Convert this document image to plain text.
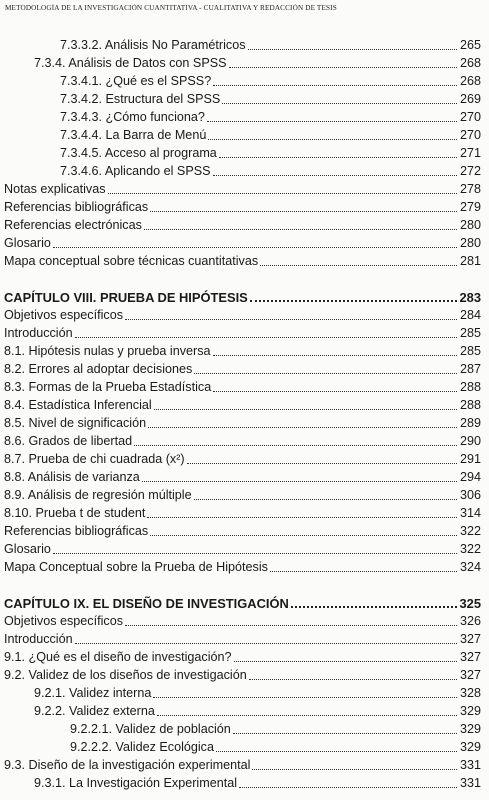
METODOLOGÍA DE LA INVESTIGACIÓN CUANTITATIVA - CUALITATIVA Y REDACCIÓN DE TESIS
7.3.3.2. Análisis No Paramétricos	265
7.3.4. Análisis de Datos con SPSS	268
7.3.4.1. ¿Qué es el SPSS?	268
7.3.4.2. Estructura del SPSS	269
7.3.4.3. ¿Cómo funciona?	270
7.3.4.4. La Barra de Menú	270
7.3.4.5. Acceso al programa	271
7.3.4.6. Aplicando el SPSS	272
Notas explicativas	278
Referencias bibliográficas	279
Referencias electrónicas	280
Glosario	280
Mapa conceptual sobre técnicas cuantitativas	281
CAPÍTULO VIII. PRUEBA DE HIPÓTESIS	283
Objetivos específicos	284
Introducción	285
8.1. Hipótesis nulas y prueba inversa	285
8.2. Errores al adoptar decisiones	287
8.3. Formas de la Prueba Estadística	288
8.4. Estadística Inferencial	288
8.5. Nivel de significación	289
8.6. Grados de libertad	290
8.7. Prueba de chi cuadrada (x²)	291
8.8. Análisis de varianza	294
8.9. Análisis de regresión múltiple	306
8.10. Prueba t de student	314
Referencias bibliográficas	322
Glosario	322
Mapa Conceptual sobre la Prueba de Hipótesis	324
CAPÍTULO IX. EL DISEÑO DE INVESTIGACIÓN	325
Objetivos específicos	326
Introducción	327
9.1. ¿Qué es el diseño de investigación?	327
9.2. Validez de los diseños de investigación	327
9.2.1. Validez interna	328
9.2.2. Validez externa	329
9.2.2.1. Validez de población	329
9.2.2.2. Validez Ecológica	329
9.3. Diseño de la investigación experimental	331
9.3.1. La Investigación Experimental	331
